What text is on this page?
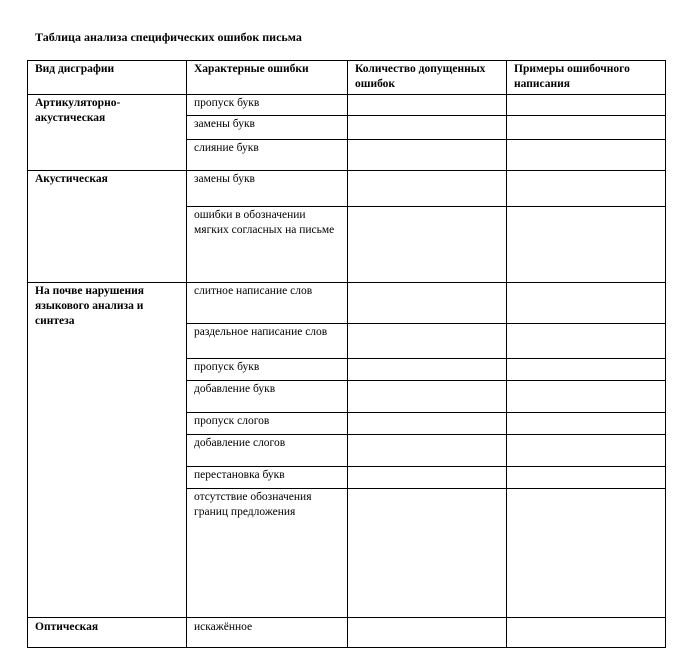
Таблица анализа специфических ошибок письма
Вид дисграфии	Характерные ошибки	Количество допущенных ошибок	Примеры ошибочного написания
Артикуляторно-акустическая	пропуск букв		
	замены букв		
	слияние букв		
Акустическая	замены букв		
	ошибки в обозначении мягких согласных на письме		
На почве нарушения языкового анализа и синтеза	слитное написание слов		
	раздельное написание слов		
	пропуск букв		
	добавление букв		
	пропуск слогов		
	добавление слогов		
	перестановка букв		
	отсутствие обозначения границ предложения		

Оптическая	искажённое		
